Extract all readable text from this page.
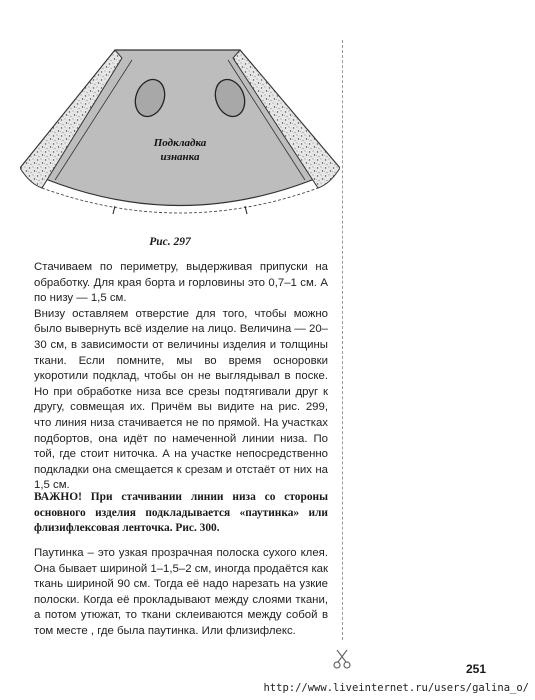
Подкладка
изнанка
Рис. 297

Стачиваем по периметру, выдерживая припуски на обработку. Для края борта и горловины это 0,7–1 см. А по низу — 1,5 см.

Внизу оставляем отверстие для того, чтобы можно было вывернуть всё изделие на лицо. Величина — 20–30 см, в зависимости от величины изделия и толщины ткани. Если помните, мы во время осноровки укоротили подклад, чтобы он не выглядывал в поске. Но при обработке низа все срезы подтягивали друг к другу, совмещая их. Причём вы видите на рис. 299, что линия низа стачивается не по прямой. На участках подбортов, она идёт по намеченной линии низа. По той, где стоит ниточка. А на участке непосредственно подкладки она смещается к срезам и отстаёт от них на 1,5 см.

ВАЖНО! При стачивании линии низа со стороны основного изделия подкладывается «паутинка» или флизифлексовая ленточка. Рис. 300.

Паутинка – это узкая прозрачная полоска сухого клея. Она бывает шириной 1–1,5–2 см, иногда продаётся как ткань шириной 90 см. Тогда её надо нарезать на узкие полоски. Когда её прокладывают между слоями ткани, а потом утюжат, то ткани склеиваются между собой в том месте , где была паутинка. Или флизифлекс.

251
http://www.liveinternet.ru/users/galina_o/
